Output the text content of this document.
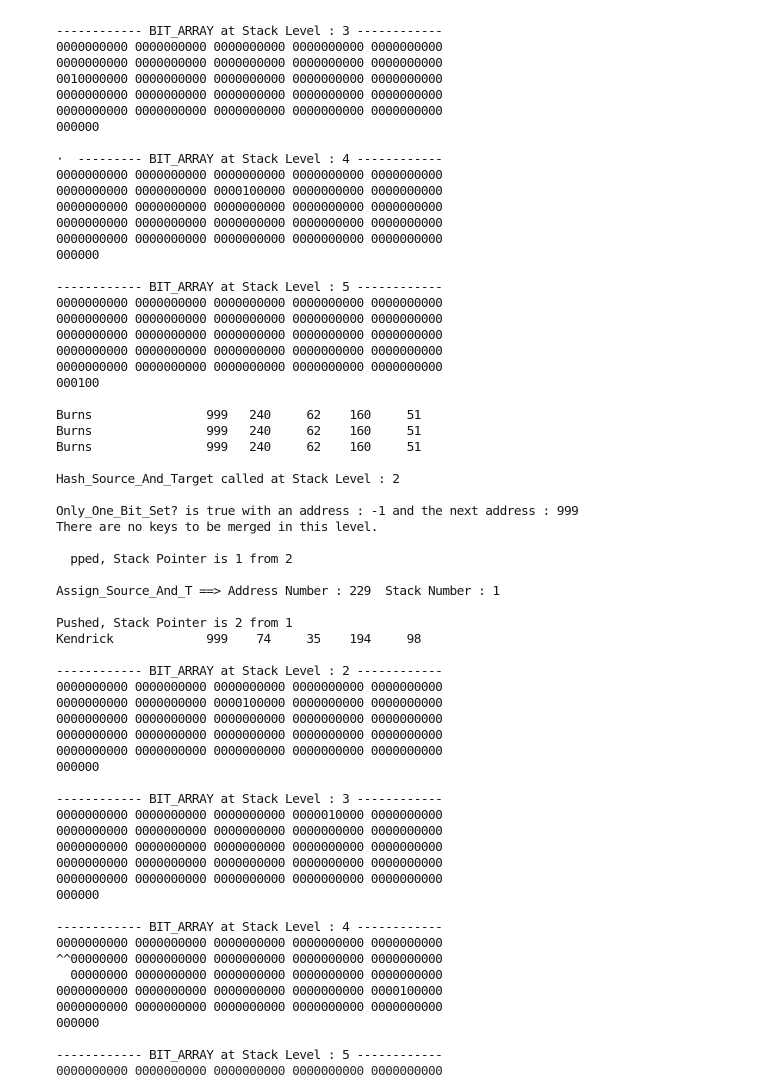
------------ BIT_ARRAY at Stack Level : 3 ------------
0000000000 0000000000 0000000000 0000000000 0000000000
0000000000 0000000000 0000000000 0000000000 0000000000
0010000000 0000000000 0000000000 0000000000 0000000000
0000000000 0000000000 0000000000 0000000000 0000000000
0000000000 0000000000 0000000000 0000000000 0000000000
000000
·  --------- BIT_ARRAY at Stack Level : 4 ------------
0000000000 0000000000 0000000000 0000000000 0000000000
0000000000 0000000000 0000100000 0000000000 0000000000
0000000000 0000000000 0000000000 0000000000 0000000000
0000000000 0000000000 0000000000 0000000000 0000000000
0000000000 0000000000 0000000000 0000000000 0000000000
000000
------------ BIT_ARRAY at Stack Level : 5 ------------
0000000000 0000000000 0000000000 0000000000 0000000000
0000000000 0000000000 0000000000 0000000000 0000000000
0000000000 0000000000 0000000000 0000000000 0000000000
0000000000 0000000000 0000000000 0000000000 0000000000
0000000000 0000000000 0000000000 0000000000 0000000000
000100
Burns                999   240     62    160     51
Burns                999   240     62    160     51
Burns                999   240     62    160     51
Hash_Source_And_Target called at Stack Level : 2
Only_One_Bit_Set? is true with an address : -1 and the next address : 999
There are no keys to be merged in this level.
pped, Stack Pointer is 1 from 2
Assign_Source_And_T ==> Address Number : 229  Stack Number : 1
Pushed, Stack Pointer is 2 from 1
Kendrick             999    74     35    194     98
------------ BIT_ARRAY at Stack Level : 2 ------------
0000000000 0000000000 0000000000 0000000000 0000000000
0000000000 0000000000 0000100000 0000000000 0000000000
0000000000 0000000000 0000000000 0000000000 0000000000
0000000000 0000000000 0000000000 0000000000 0000000000
0000000000 0000000000 0000000000 0000000000 0000000000
000000
------------ BIT_ARRAY at Stack Level : 3 ------------
0000000000 0000000000 0000000000 0000010000 0000000000
0000000000 0000000000 0000000000 0000000000 0000000000
0000000000 0000000000 0000000000 0000000000 0000000000
0000000000 0000000000 0000000000 0000000000 0000000000
0000000000 0000000000 0000000000 0000000000 0000000000
000000
------------ BIT_ARRAY at Stack Level : 4 ------------
0000000000 0000000000 0000000000 0000000000 0000000000
^^00000000 0000000000 0000000000 0000000000 0000000000
00000000 0000000000 0000000000 0000000000 0000000000
0000000000 0000000000 0000000000 0000000000 0000100000
0000000000 0000000000 0000000000 0000000000 0000000000
000000
------------ BIT_ARRAY at Stack Level : 5 ------------
0000000000 0000000000 0000000000 0000000000 0000000000
